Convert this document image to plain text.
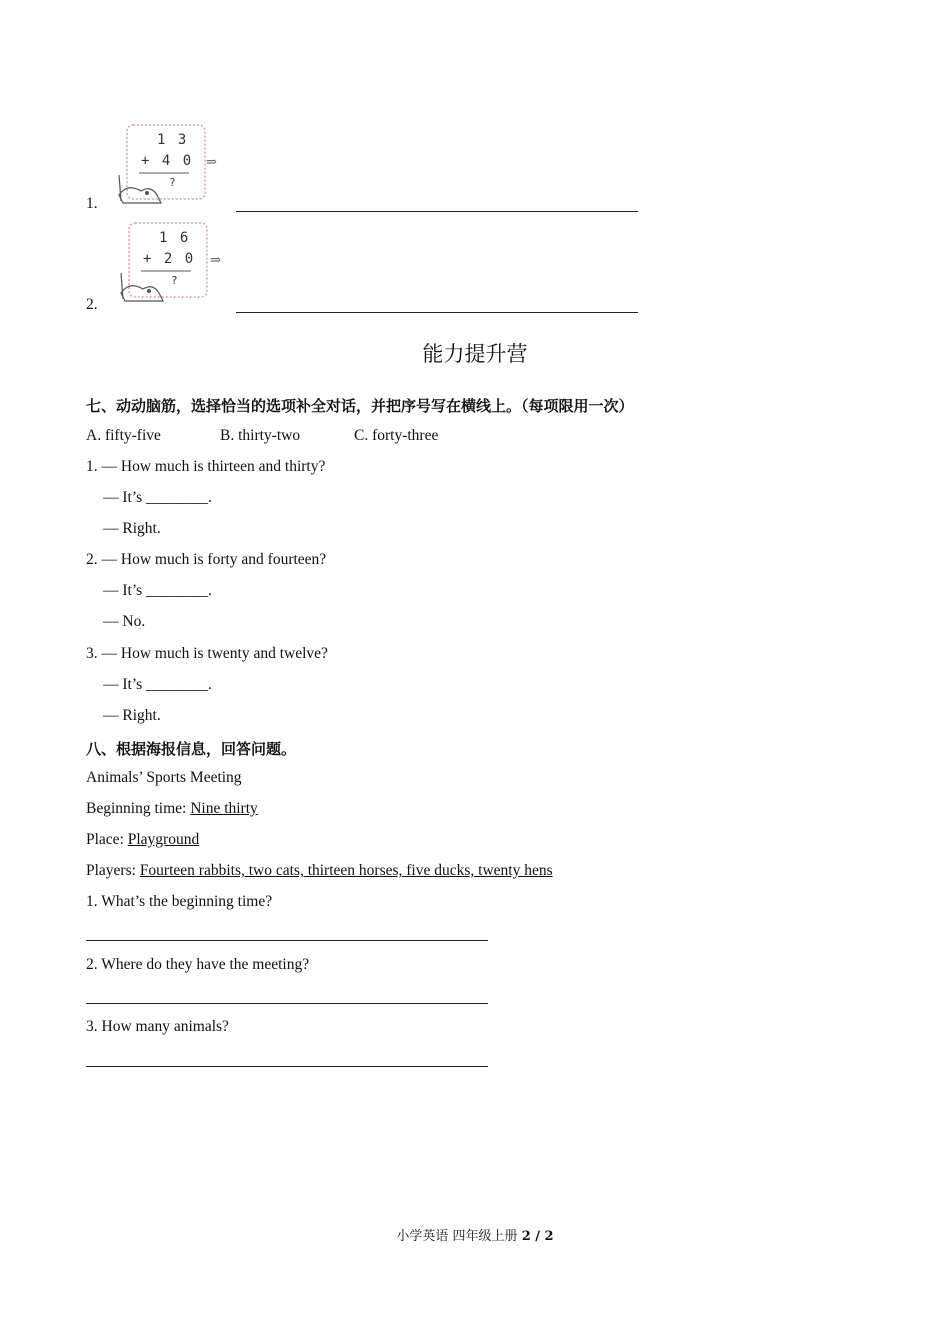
1.
1 3
+ 4 0
?
⇒
2.
1 6
+ 2 0
?
⇒
能力提升营
七、动动脑筋，选择恰当的选项补全对话，并把序号写在横线上。（每项限用一次）
A. fifty-five	B. thirty-two	C. forty-three
1. — How much is thirteen and thirty?
— It’s ________.
— Right.
2. — How much is forty and fourteen?
— It’s ________.
— No.
3. — How much is twenty and twelve?
— It’s ________.
— Right.
八、根据海报信息，回答问题。
Animals’ Sports Meeting
Beginning time: Nine thirty
Place: Playground
Players: Fourteen rabbits, two cats, thirteen horses, five ducks, twenty hens
1. What’s the beginning time?
2. Where do they have the meeting?
3. How many animals?
小学英语 四年级上册 2 / 2
